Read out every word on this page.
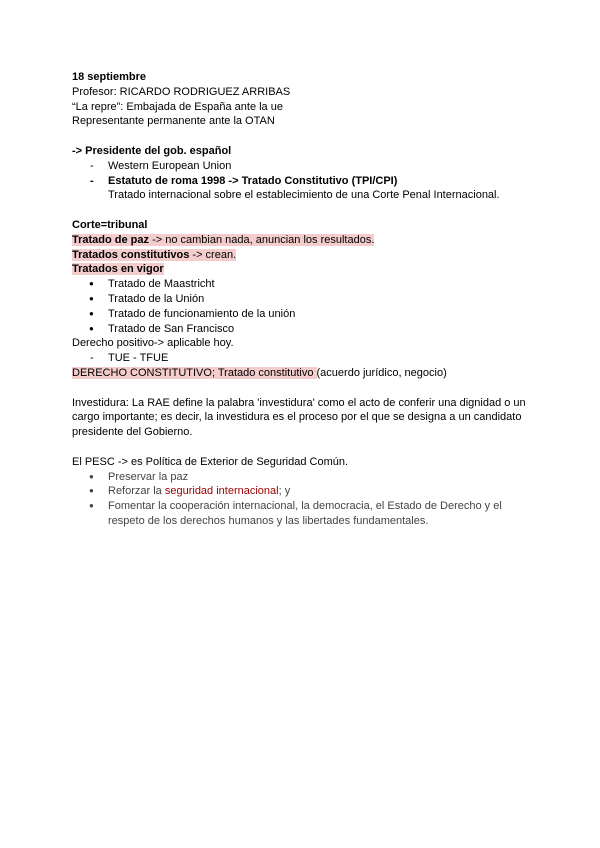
18 septiembre
Profesor: RICARDO RODRIGUEZ ARRIBAS
“La repre”: Embajada de España ante la ue
Representante permanente ante la OTAN
-> Presidente del gob. español
- Western European Union
- Estatuto de roma 1998 -> Tratado Constitutivo (TPI/CPI)
Tratado internacional sobre el establecimiento de una Corte Penal Internacional.
Corte=tribunal
Tratado de paz -> no cambian nada, anuncian los resultados.
Tratados constitutivos -> crean.
Tratados en vigor
● Tratado de Maastricht
● Tratado de la Unión
● Tratado de funcionamiento de la unión
● Tratado de San Francisco
Derecho positivo-> aplicable hoy.
- TUE - TFUE
DERECHO CONSTITUTIVO; Tratado constitutivo (acuerdo jurídico, negocio)
Investidura: La RAE define la palabra 'investidura' como el acto de conferir una dignidad o un cargo importante; es decir, la investidura es el proceso por el que se designa a un candidato presidente del Gobierno.
El PESC -> es Política de Exterior de Seguridad Común.
● Preservar la paz
● Reforzar la seguridad internacional; y
● Fomentar la cooperación internacional, la democracia, el Estado de Derecho y el respeto de los derechos humanos y las libertades fundamentales.
